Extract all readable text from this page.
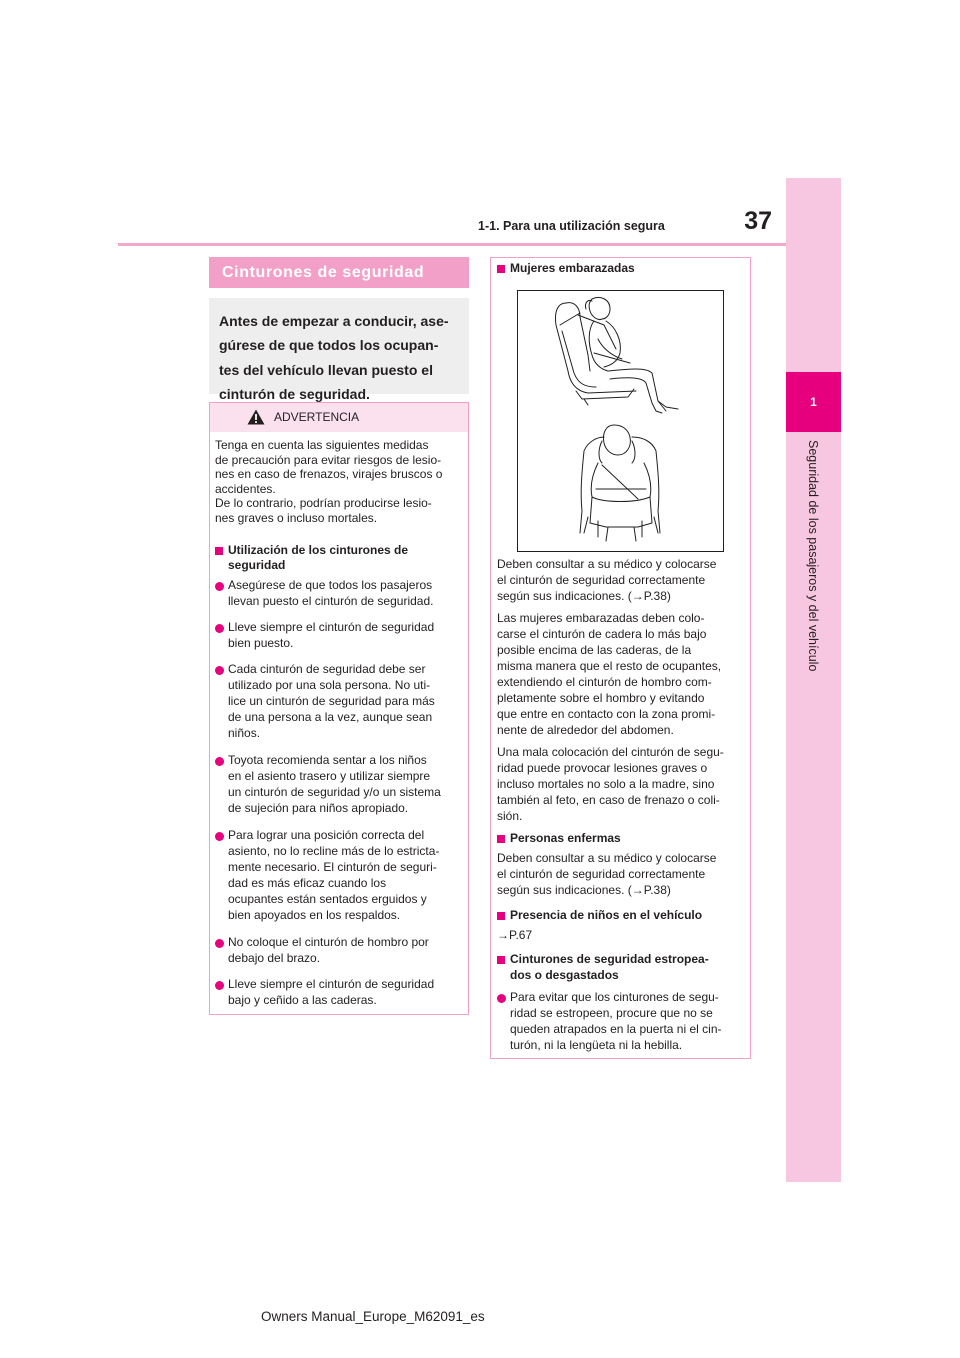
37
1-1. Para una utilización segura
1
Seguridad de los pasajeros y del vehículo
Cinturones de seguridad
Antes de empezar a conducir, ase-
gúrese de que todos los ocupan-
tes del vehículo llevan puesto el
cinturón de seguridad.
ADVERTENCIA
Tenga en cuenta las siguientes medidas
de precaución para evitar riesgos de lesio-
nes en caso de frenazos, virajes bruscos o
accidentes.
De lo contrario, podrían producirse lesio-
nes graves o incluso mortales.
Utilización de los cinturones de
seguridad
Asegúrese de que todos los pasajeros
llevan puesto el cinturón de seguridad.
Lleve siempre el cinturón de seguridad
bien puesto.
Cada cinturón de seguridad debe ser
utilizado por una sola persona. No uti-
lice un cinturón de seguridad para más
de una persona a la vez, aunque sean
niños.
Toyota recomienda sentar a los niños
en el asiento trasero y utilizar siempre
un cinturón de seguridad y/o un sistema
de sujeción para niños apropiado.
Para lograr una posición correcta del
asiento, no lo recline más de lo estricta-
mente necesario. El cinturón de seguri-
dad es más eficaz cuando los
ocupantes están sentados erguidos y
bien apoyados en los respaldos.
No coloque el cinturón de hombro por
debajo del brazo.
Lleve siempre el cinturón de seguridad
bajo y ceñido a las caderas.
Mujeres embarazadas
Deben consultar a su médico y colocarse
el cinturón de seguridad correctamente
según sus indicaciones. (→P.38)
Las mujeres embarazadas deben colo-
carse el cinturón de cadera lo más bajo
posible encima de las caderas, de la
misma manera que el resto de ocupantes,
extendiendo el cinturón de hombro com-
pletamente sobre el hombro y evitando
que entre en contacto con la zona promi-
nente de alrededor del abdomen.
Una mala colocación del cinturón de segu-
ridad puede provocar lesiones graves o
incluso mortales no solo a la madre, sino
también al feto, en caso de frenazo o coli-
sión.
Personas enfermas
Deben consultar a su médico y colocarse
el cinturón de seguridad correctamente
según sus indicaciones. (→P.38)
Presencia de niños en el vehículo
→P.67
Cinturones de seguridad estropea-
dos o desgastados
Para evitar que los cinturones de segu-
ridad se estropeen, procure que no se
queden atrapados en la puerta ni el cin-
turón, ni la lengüeta ni la hebilla.
Owners Manual_Europe_M62091_es
